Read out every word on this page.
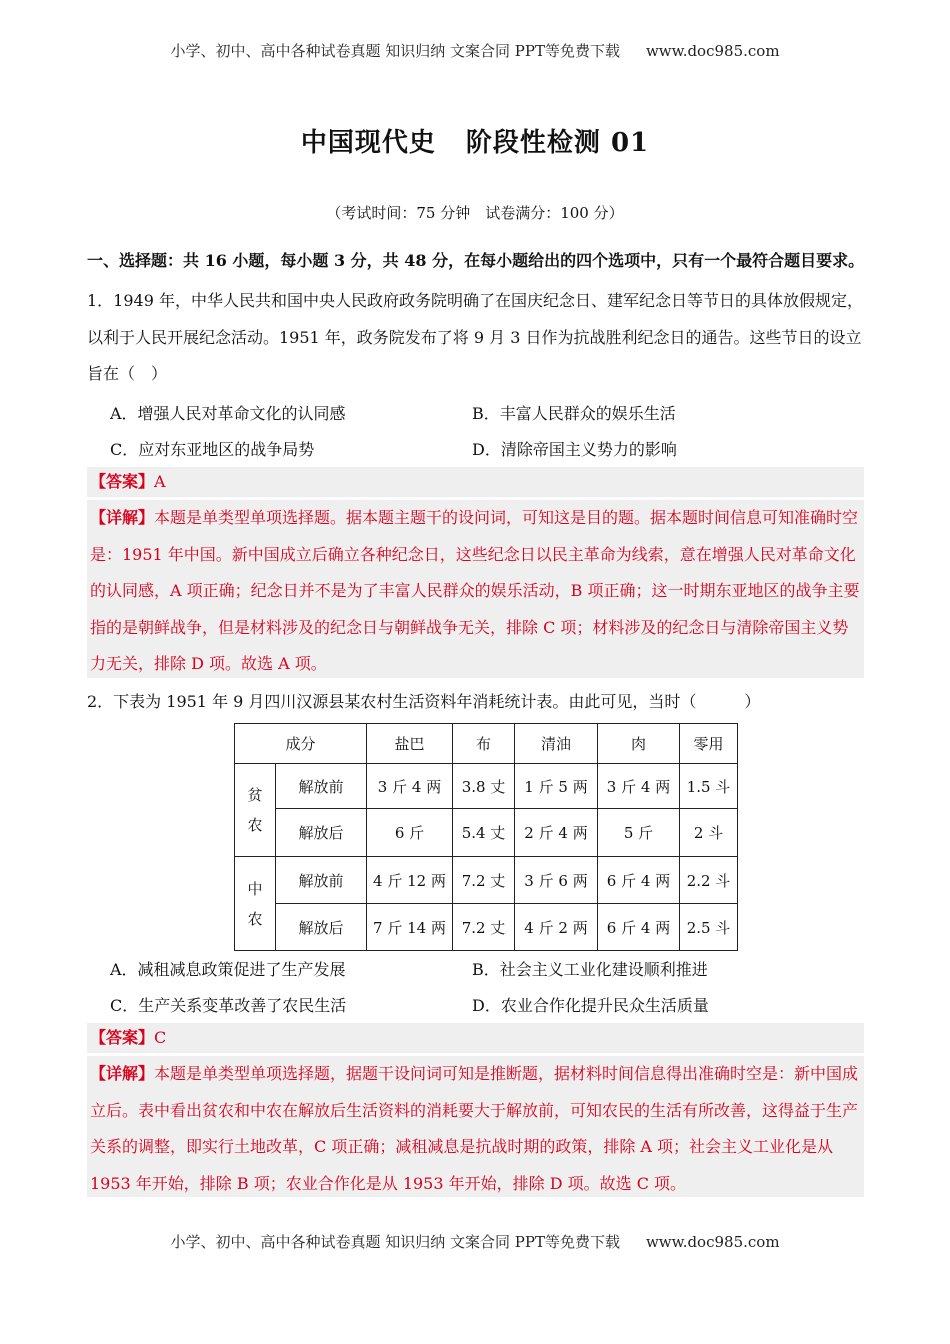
小学、初中、高中各种试卷真题 知识归纳 文案合同 PPT等免费下载 www.doc985.com
中国现代史 阶段性检测 01
（考试时间：75 分钟　试卷满分：100 分）
一、选择题：共 16 小题，每小题 3 分，共 48 分，在每小题给出的四个选项中，只有一个最符合题目要求。
1．1949 年，中华人民共和国中央人民政府政务院明确了在国庆纪念日、建军纪念日等节日的具体放假规定，以利于人民开展纪念活动。1951 年，政务院发布了将 9 月 3 日作为抗战胜利纪念日的通告。这些节日的设立旨在（　）
A．增强人民对革命文化的认同感	B．丰富人民群众的娱乐生活
C．应对东亚地区的战争局势	D．清除帝国主义势力的影响
【答案】A
【详解】本题是单类型单项选择题。据本题主题干的设问词，可知这是目的题。据本题时间信息可知准确时空是：1951 年中国。新中国成立后确立各种纪念日，这些纪念日以民主革命为线索，意在增强人民对革命文化的认同感，A 项正确；纪念日并不是为了丰富人民群众的娱乐活动，B 项正确；这一时期东亚地区的战争主要指的是朝鲜战争，但是材料涉及的纪念日与朝鲜战争无关，排除 C 项；材料涉及的纪念日与清除帝国主义势力无关，排除 D 项。故选 A 项。
2．下表为 1951 年 9 月四川汉源县某农村生活资料年消耗统计表。由此可见，当时（　　　）
成分		盐巴	布	清油	肉	零用
贫
农	解放前	3 斤 4 两	3.8 丈	1 斤 5 两	3 斤 4 两	1.5 斗
	解放后	6 斤	5.4 丈	2 斤 4 两	5 斤	2 斗
中
农	解放前	4 斤 12 两	7.2 丈	3 斤 6 两	6 斤 4 两	2.2 斗
	解放后	7 斤 14 两	7.2 丈	4 斤 2 两	6 斤 4 两	2.5 斗
A．减租减息政策促进了生产发展	B．社会主义工业化建设顺利推进
C．生产关系变革改善了农民生活	D．农业合作化提升民众生活质量
【答案】C
【详解】本题是单类型单项选择题，据题干设问词可知是推断题，据材料时间信息得出准确时空是：新中国成立后。表中看出贫农和中农在解放后生活资料的消耗要大于解放前，可知农民的生活有所改善，这得益于生产关系的调整，即实行土地改革，C 项正确；减租减息是抗战时期的政策，排除 A 项；社会主义工业化是从 1953 年开始，排除 B 项；农业合作化是从 1953 年开始，排除 D 项。故选 C 项。
小学、初中、高中各种试卷真题 知识归纳 文案合同 PPT等免费下载 www.doc985.com
